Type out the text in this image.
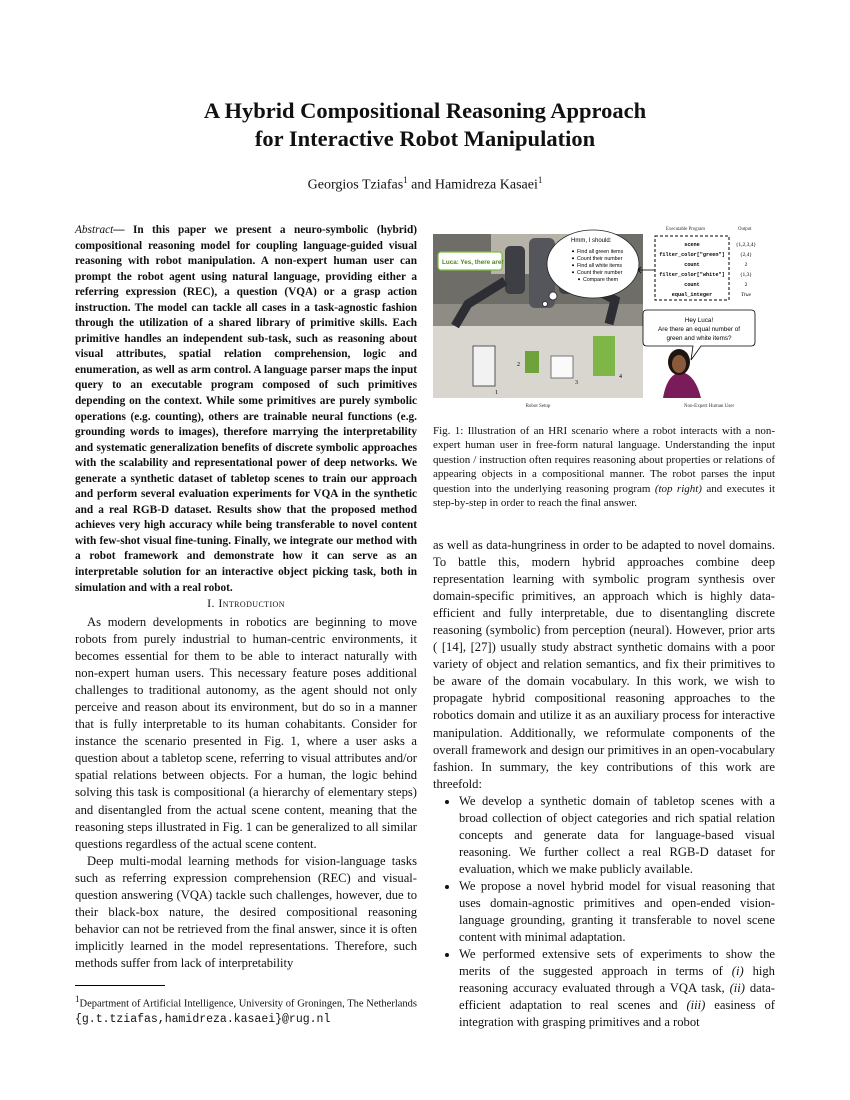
A Hybrid Compositional Reasoning Approach
for Interactive Robot Manipulation
Georgios Tziafas$^1$ and Hamidreza Kasaei$^1$
Abstract— In this paper we present a neuro-symbolic (hybrid) compositional reasoning model for coupling language-guided visual reasoning with robot manipulation. A non-expert human user can prompt the robot agent using natural language, providing either a referring expression (REC), a question (VQA) or a grasp action instruction. The model can tackle all cases in a task-agnostic fashion through the utilization of a shared library of primitive skills. Each primitive handles an independent sub-task, such as reasoning about visual attributes, spatial relation comprehension, logic and enumeration, as well as arm control. A language parser maps the input query to an executable program composed of such primitives depending on the context. While some primitives are purely symbolic operations (e.g. counting), others are trainable neural functions (e.g. grounding words to images), therefore marrying the interpretability and systematic generalization benefits of discrete symbolic approaches with the scalability and representational power of deep networks. We generate a synthetic dataset of tabletop scenes to train our approach and perform several evaluation experiments for VQA in the synthetic and a real RGB-D dataset. Results show that the proposed method achieves very high accuracy while being transferable to novel content with few-shot visual fine-tuning. Finally, we integrate our method with a robot framework and demonstrate how it can serve as an interpretable solution for an interactive object picking task, both in simulation and with a real robot.
I. Introduction

As modern developments in robotics are beginning to move robots from purely industrial to human-centric environments, it becomes essential for them to be able to interact naturally with non-expert human users. This necessary feature poses additional challenges to traditional autonomy, as the agent should not only perceive and reason about its environment, but do so in a manner that is fully interpretable to its human cohabitants. Consider for instance the scenario presented in Fig. 1, where a user asks a question about a tabletop scene, referring to visual attributes and/or spatial relations between objects. For a human, the logic behind solving this task is compositional (a hierarchy of elementary steps) and disentangled from the actual scene content, meaning that the reasoning steps illustrated in Fig. 1 can be generalized to all similar questions regardless of the actual scene content.

Deep multi-modal learning methods for vision-language tasks such as referring expression comprehension (REC) and visual-question answering (VQA) tackle such challenges, however, due to their black-box nature, the desired compositional reasoning behavior can not be retrieved from the final answer, since it is often implicitly learned in the model representations. Therefore, such methods suffer from lack of interpretability

$^1$Department of Artificial Intelligence, University of Groningen, The Netherlands {g.t.tziafas,hamidreza.kasaei}@rug.nl
1
2
3
4
Luca: Yes, there are!
Hmm, I should:
Find all green items
Count their number
Find all white items
Count their number
Compare them
Executable Program	Output
scene
filter_color["green"]
count
filter_color["white"]
count
equal_integer
{1,2,3,4}
{2,4}
2
{1,3}
2
True
Hey Luca!
Are there an equal number of
green and white items?
Robot Setup	Non-Expert Human User
Fig. 1: Illustration of an HRI scenario where a robot interacts with a non-expert human user in free-form natural language. Understanding the input question / instruction often requires reasoning about properties or relations of appearing objects in a compositional manner. The robot parses the input question into the underlying reasoning program (top right) and executes it step-by-step in order to reach the final answer.

as well as data-hungriness in order to be adapted to novel domains. To battle this, modern hybrid approaches combine deep representation learning with symbolic program synthesis over domain-specific primitives, an approach which is highly data-efficient and fully interpretable, due to disentangling discrete reasoning (symbolic) from perception (neural). However, prior arts ( [14], [27]) usually study abstract synthetic domains with a poor variety of object and relation semantics, and fix their primitives to be aware of the domain vocabulary. In this work, we wish to propagate hybrid compositional reasoning approaches to the robotics domain and utilize it as an auxiliary process for interactive manipulation. Additionally, we reformulate components of the overall framework and design our primitives in an open-vocabulary fashion. In summary, the key contributions of this work are threefold:

• We develop a synthetic domain of tabletop scenes with a broad collection of object categories and rich spatial relation concepts and generate data for language-based visual reasoning. We further collect a real RGB-D dataset for evaluation, which we make publicly available.
• We propose a novel hybrid model for visual reasoning that uses domain-agnostic primitives and open-ended vision-language grounding, granting it transferable to novel scene content with minimal adaptation.
• We performed extensive sets of experiments to show the merits of the suggested approach in terms of (i) high reasoning accuracy evaluated through a VQA task, (ii) data-efficient adaptation to real scenes and (iii) easiness of integration with grasping primitives and a robot
